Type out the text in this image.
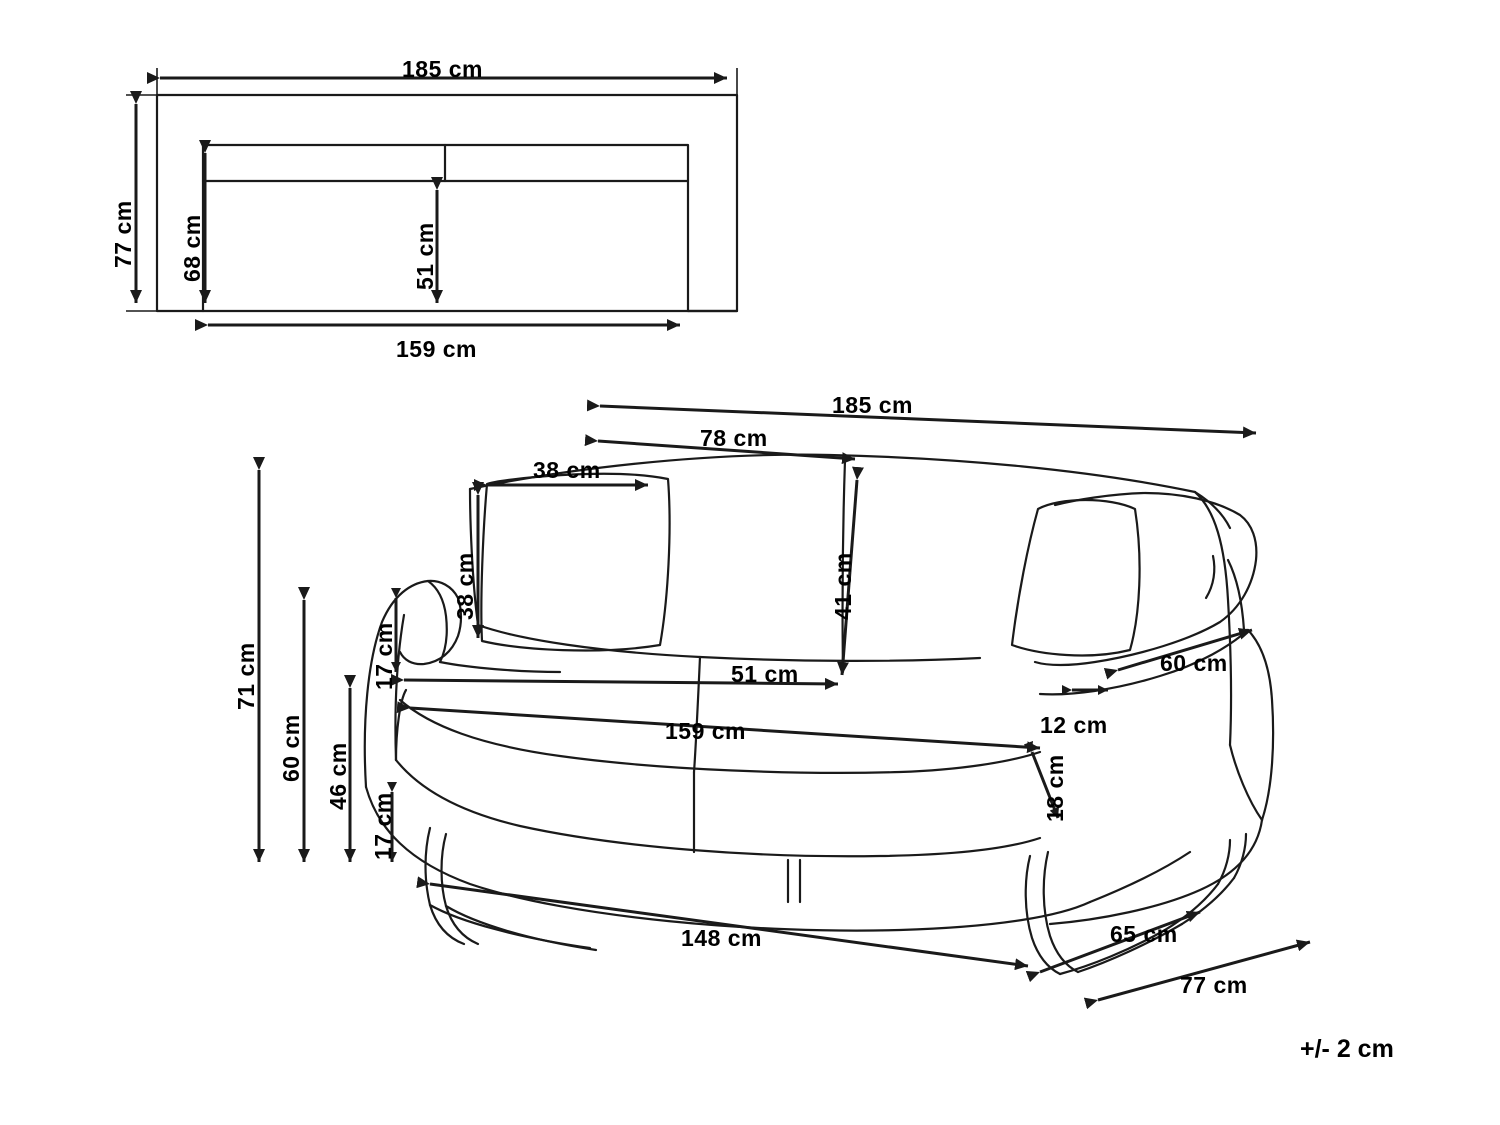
185 cm
77 cm 68 cm	51 cm
159 cm
185 cm
78 cm
38 cm
38 cm	41 cm
71 cm
60 cm 46 cm
17 cm
17 cm	51 cm
159 cm
60 cm
12 cm
18 cm
148 cm	65 cm
77 cm
+/- 2 cm
